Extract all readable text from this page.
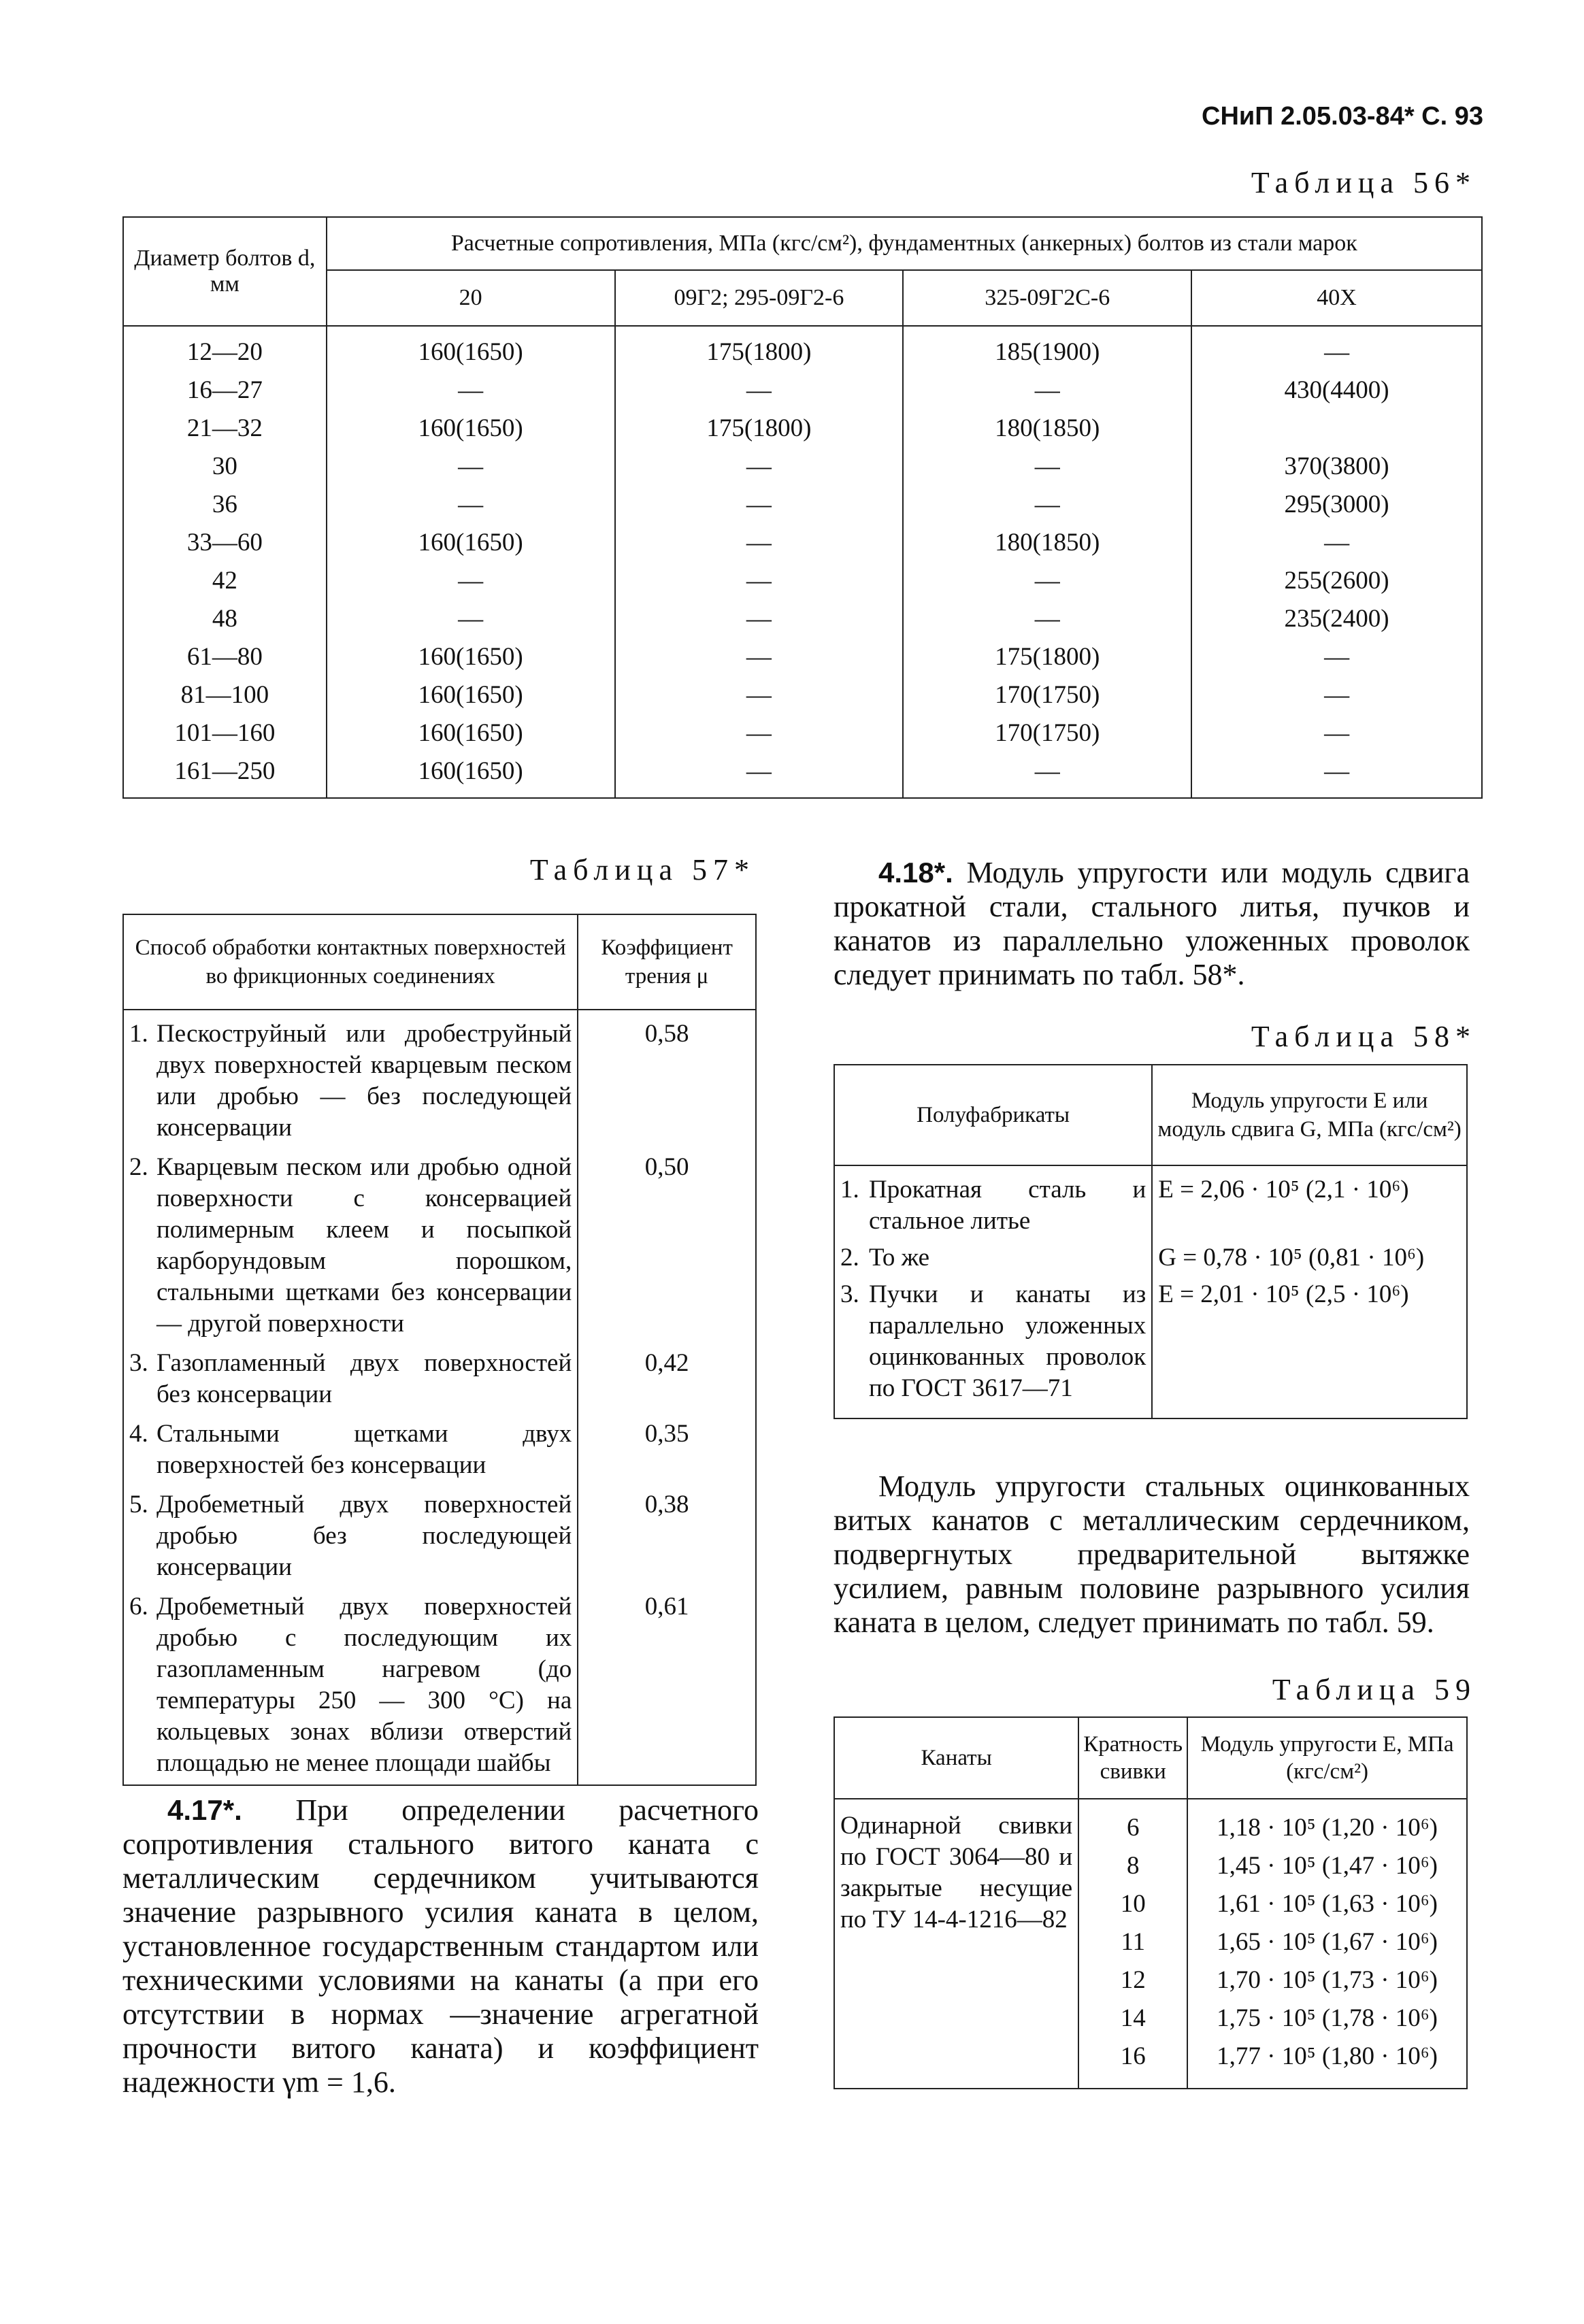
СНиП 2.05.03-84* С. 93
Таблица 56*
Диаметр болтов d, мм	Расчетные сопротивления, МПа (кгс/см²), фундаментных (анкерных) болтов из стали марок			
	20	09Г2; 295-09Г2-6	325-09Г2С-6	40Х
12—20	160(1650)	175(1800)	185(1900)	—
16—27	—	—	—	430(4400)
21—32	160(1650)	175(1800)	180(1850)	
30	—	—	—	370(3800)
36	—	—	—	295(3000)
33—60	160(1650)	—	180(1850)	—
42	—	—	—	255(2600)
48	—	—	—	235(2400)
61—80	160(1650)	—	175(1800)	—
81—100	160(1650)	—	170(1750)	—
101—160	160(1650)	—	170(1750)	—
161—250	160(1650)	—	—	—
Таблица 57*
Способ обработки контактных поверхностей во фрикционных соединениях	Коэффициент трения μ

1. Пескоструйный или дробеструйный двух поверхностей кварцевым песком или дробью — без последующей консервации	0,58

2. Кварцевым песком или дробью одной поверхности с консервацией полимерным клеем и посыпкой карборундовым порошком, стальными щетками без консервации — другой поверхности	0,50

3. Газопламенный двух поверхностей без консервации	0,42

4. Стальными щетками двух поверхностей без консервации	0,35

5. Дробеметный двух поверхностей дробью без последующей консервации	0,38

6. Дробеметный двух поверхностей дробью с последующим их газопламенным нагревом (до температуры 250 — 300 °С) на кольцевых зонах вблизи отверстий площадью не менее площади шайбы	0,61
4.18*. Модуль упругости или модуль сдвига прокатной стали, стального литья, пучков и канатов из параллельно уложенных проволок следует принимать по табл. 58*.
Таблица 58*
Полуфабрикаты	Модуль упругости E или модуль сдвига G, МПа (кгс/см²)

1. Прокатная сталь и стальное литье	E = 2,06 · 10⁵ (2,1 · 10⁶)

2. То же	G = 0,78 · 10⁵ (0,81 · 10⁶)

3. Пучки и канаты из параллельно уложенных оцинкованных проволок по ГОСТ 3617—71	E = 2,01 · 10⁵ (2,5 · 10⁶)
Модуль упругости стальных оцинкованных витых канатов с металлическим сердечником, подвергнутых предварительной вытяжке усилием, равным половине разрывного усилия каната в целом, следует принимать по табл. 59.
Таблица 59
Канаты	Кратность свивки	Модуль упругости E, МПа (кгс/см²)
Одинарной свивки по ГОСТ 3064—80 и закрытые несущие по ТУ 14-4-1216—82	6	1,18 · 10⁵ (1,20 · 10⁶)
	8	1,45 · 10⁵ (1,47 · 10⁶)
	10	1,61 · 10⁵ (1,63 · 10⁶)
	11	1,65 · 10⁵ (1,67 · 10⁶)
	12	1,70 · 10⁵ (1,73 · 10⁶)
	14	1,75 · 10⁵ (1,78 · 10⁶)
	16	1,77 · 10⁵ (1,80 · 10⁶)
4.17*. При определении расчетного сопротивления стального витого каната с металлическим сердечником учитываются значение разрывного усилия каната в целом, установленное государственным стандартом или техническими условиями на канаты (а при его отсутствии в нормах —значение агрегатной прочности витого каната) и коэффициент надежности γm = 1,6.
